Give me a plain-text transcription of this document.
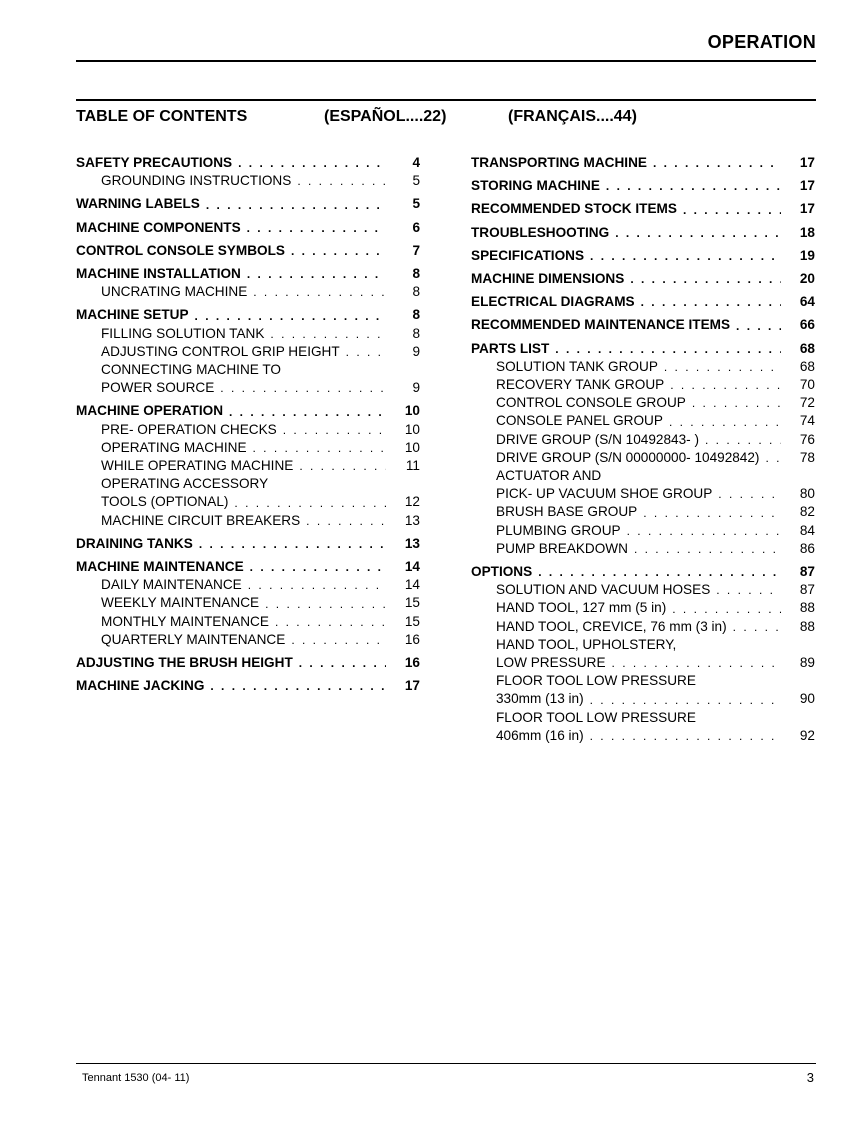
OPERATION
TABLE OF CONTENTS	(ESPAÑOL....22)	(FRANÇAIS....44)
SAFETY PRECAUTIONS . . .	4
GROUNDING INSTRUCTIONS . . .	5
WARNING LABELS . . .	5
MACHINE COMPONENTS . . .	6
CONTROL CONSOLE SYMBOLS . . .	7
MACHINE INSTALLATION . . .	8
UNCRATING MACHINE . . .	8
MACHINE SETUP . . .	8
FILLING SOLUTION TANK . . .	8
ADJUSTING CONTROL GRIP HEIGHT . . .	9
CONNECTING MACHINE TO
POWER SOURCE . . .	9
MACHINE OPERATION . . .	10
PRE- OPERATION CHECKS . . .	10
OPERATING MACHINE . . .	10
WHILE OPERATING MACHINE . . .	11
OPERATING ACCESSORY
TOOLS (OPTIONAL) . . .	12
MACHINE CIRCUIT BREAKERS . . .	13
DRAINING TANKS . . .	13
MACHINE MAINTENANCE . . .	14
DAILY MAINTENANCE . . .	14
WEEKLY MAINTENANCE . . .	15
MONTHLY MAINTENANCE . . .	15
QUARTERLY MAINTENANCE . . .	16
ADJUSTING THE BRUSH HEIGHT . . .	16
MACHINE JACKING . . .	17
TRANSPORTING MACHINE . . .	17
STORING MACHINE . . .	17
RECOMMENDED STOCK ITEMS . . .	17
TROUBLESHOOTING . . .	18
SPECIFICATIONS . . .	19
MACHINE DIMENSIONS . . .	20
ELECTRICAL DIAGRAMS . . .	64
RECOMMENDED MAINTENANCE ITEMS . . .	66
PARTS LIST . . .	68
SOLUTION TANK GROUP . . .	68
RECOVERY TANK GROUP . . .	70
CONTROL CONSOLE GROUP . . .	72
CONSOLE PANEL GROUP . . .	74
DRIVE GROUP (S/N 10492843- ) . . .	76
DRIVE GROUP (S/N 00000000- 10492842) . . .	78
ACTUATOR AND
PICK- UP VACUUM SHOE GROUP . . .	80
BRUSH BASE GROUP . . .	82
PLUMBING GROUP . . .	84
PUMP BREAKDOWN . . .	86
OPTIONS . . .	87
SOLUTION AND VACUUM HOSES . . .	87
HAND TOOL, 127 mm (5 in) . . .	88
HAND TOOL, CREVICE, 76 mm (3 in) . . .	88
HAND TOOL, UPHOLSTERY,
LOW PRESSURE . . .	89
FLOOR TOOL LOW PRESSURE
330mm (13 in) . . .	90
FLOOR TOOL LOW PRESSURE
406mm (16 in) . . .	92
Tennant 1530 (04- 11)	3
